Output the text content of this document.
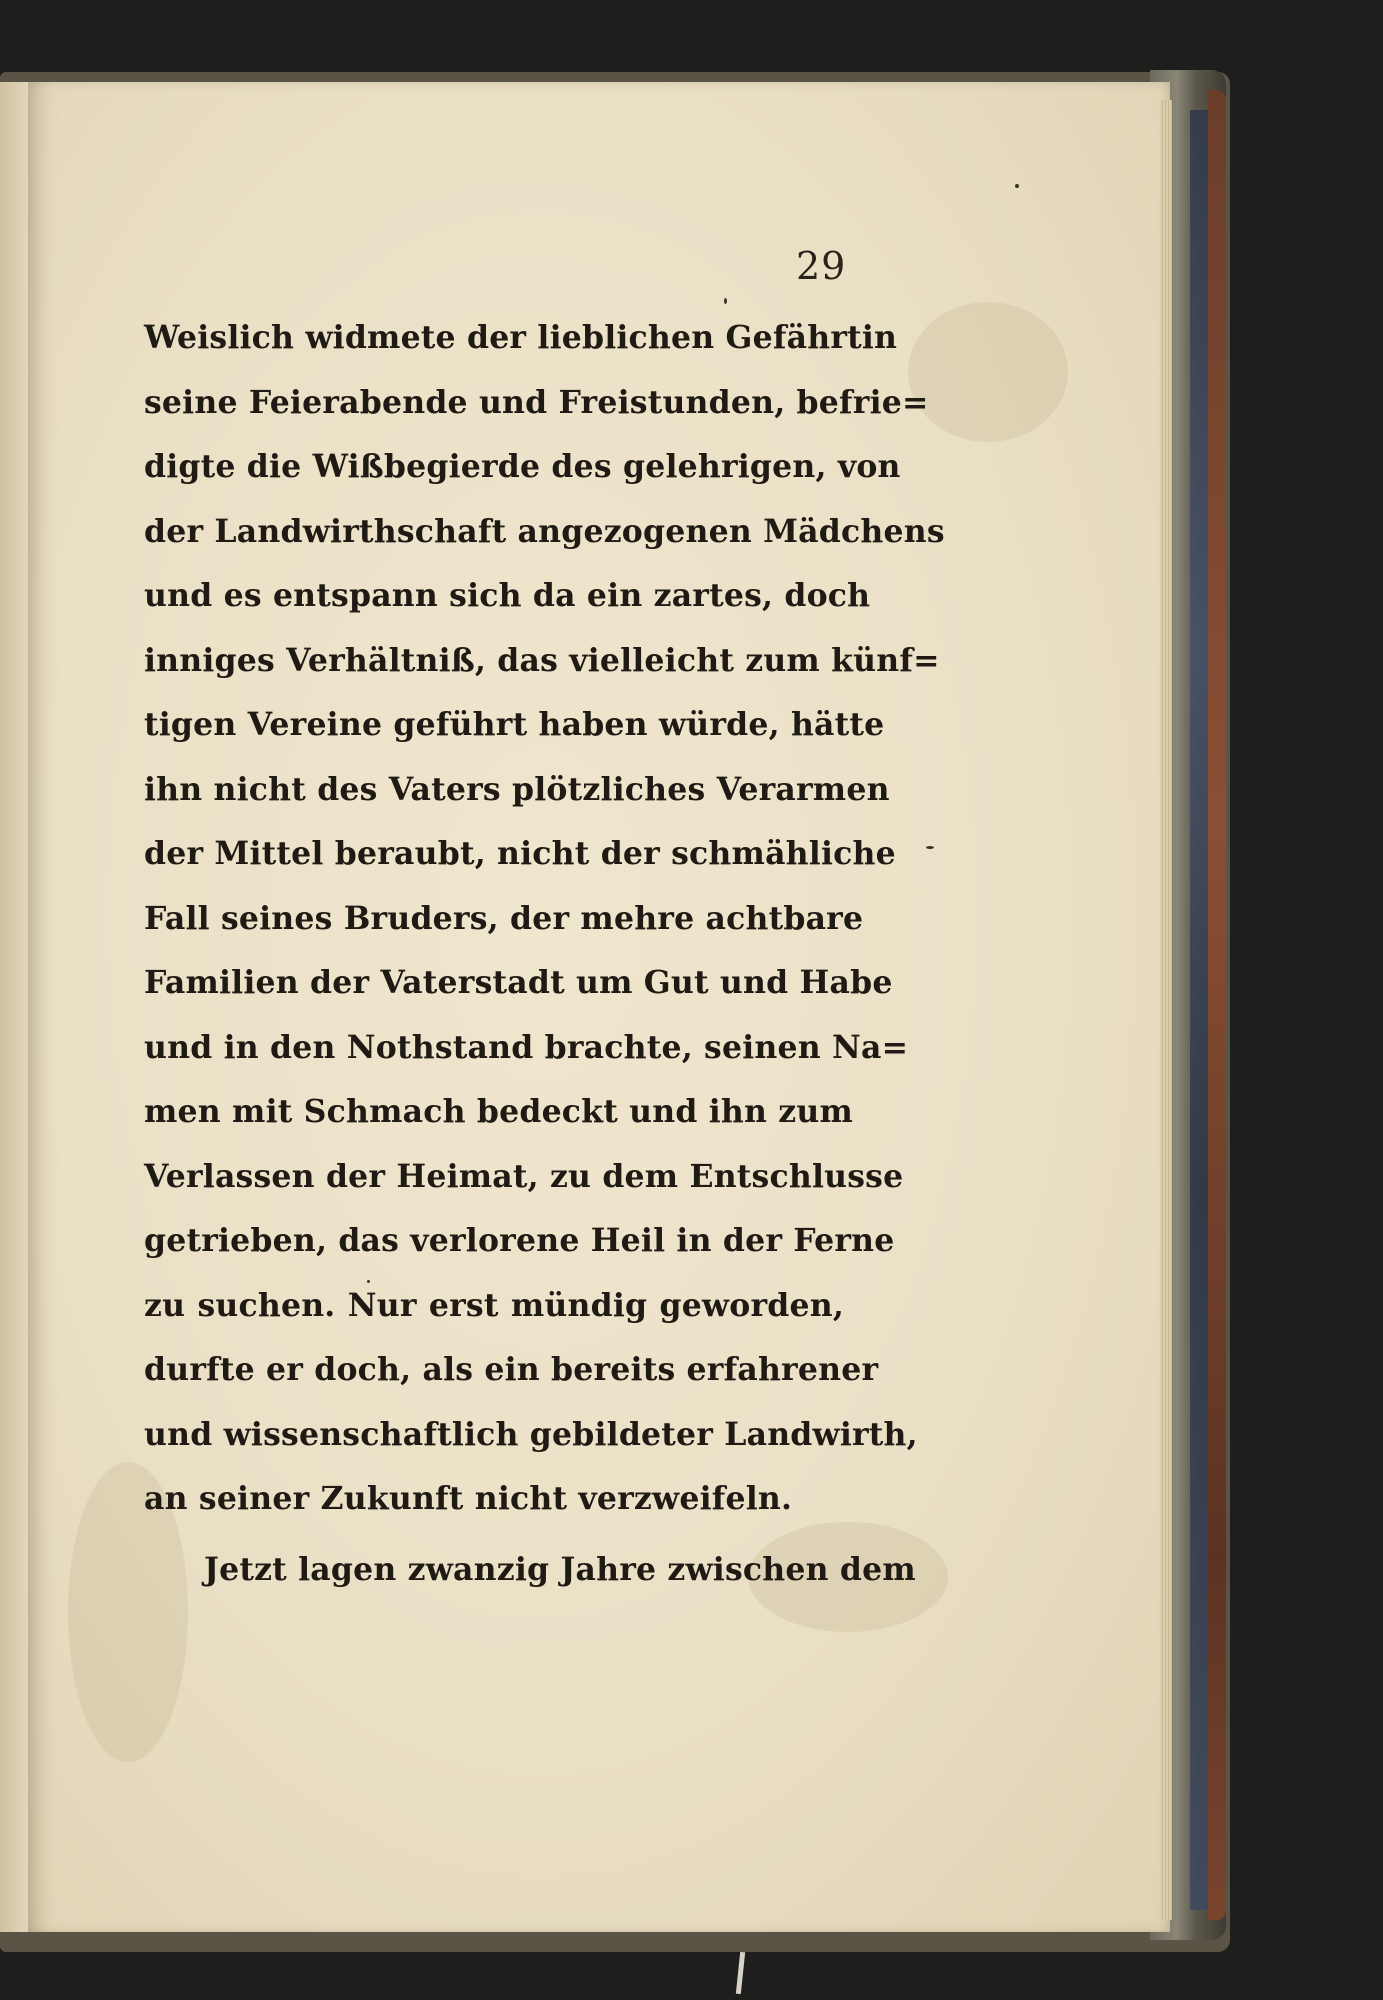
29
Weislich widmete der lieblichen Gefährtin
seine Feierabende und Freistunden, befrie=
digte die Wißbegierde des gelehrigen, von
der Landwirthschaft angezogenen Mädchens
und es entspann sich da ein zartes, doch
inniges Verhältniß, das vielleicht zum künf=
tigen Vereine geführt haben würde, hätte
ihn nicht des Vaters plötzliches Verarmen
der Mittel beraubt, nicht der schmähliche
Fall seines Bruders, der mehre achtbare
Familien der Vaterstadt um Gut und Habe
und in den Nothstand brachte, seinen Na=
men mit Schmach bedeckt und ihn zum
Verlassen der Heimat, zu dem Entschlusse
getrieben, das verlorene Heil in der Ferne
zu suchen. Nur erst mündig geworden,
durfte er doch, als ein bereits erfahrener
und wissenschaftlich gebildeter Landwirth,
an seiner Zukunft nicht verzweifeln.
Jetzt lagen zwanzig Jahre zwischen dem
